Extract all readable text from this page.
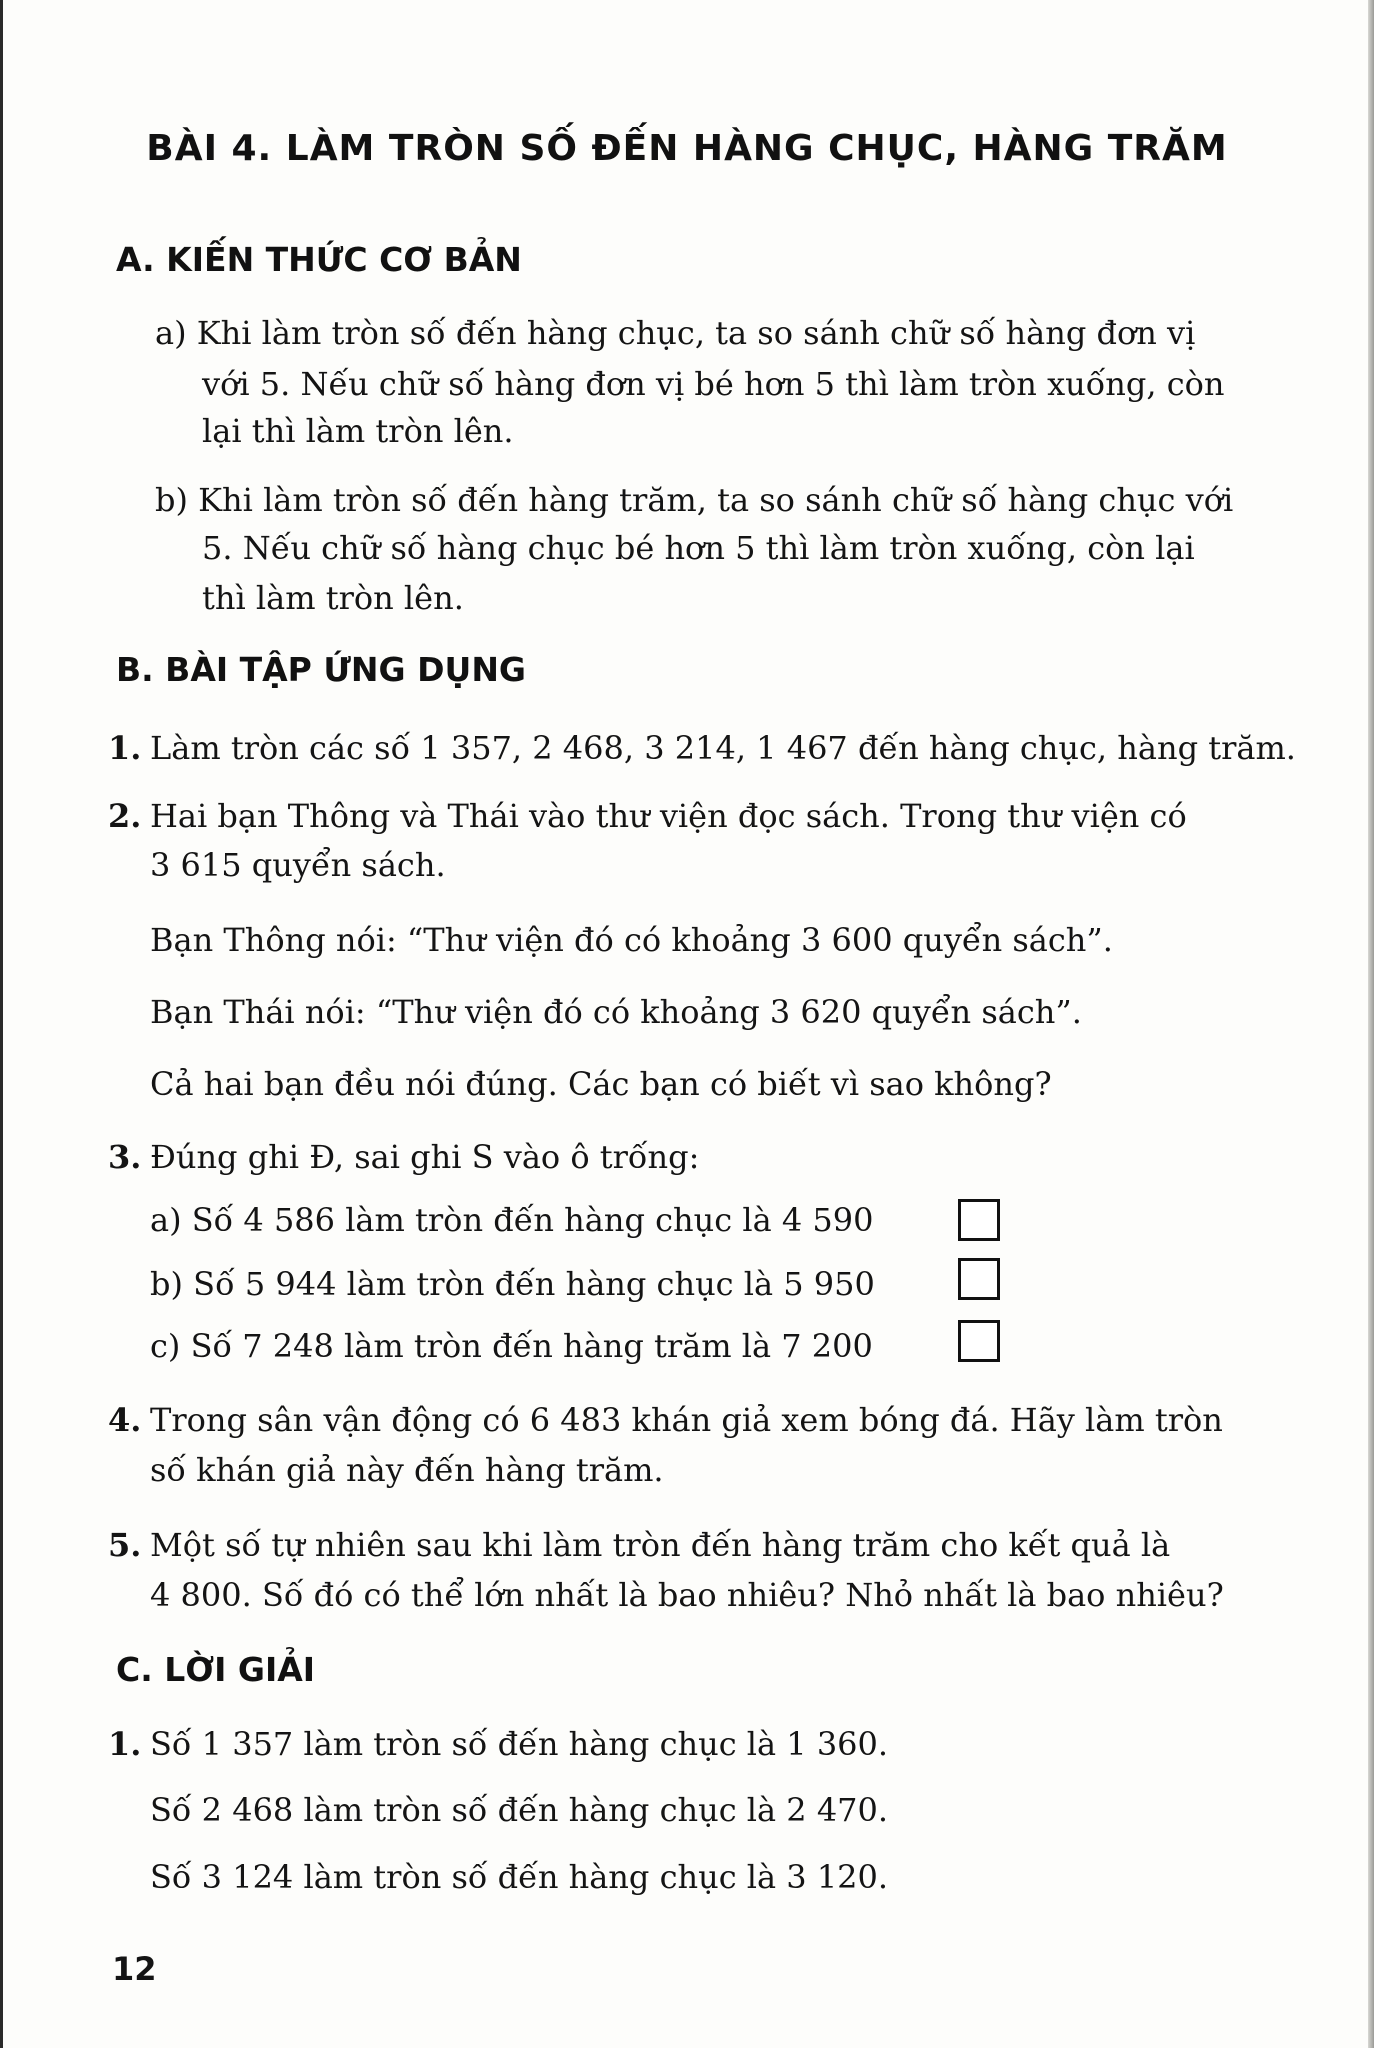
BÀI 4. LÀM TRÒN SỐ ĐẾN HÀNG CHỤC, HÀNG TRĂM
A. KIẾN THỨC CƠ BẢN
a) Khi làm tròn số đến hàng chục, ta so sánh chữ số hàng đơn vị
với 5. Nếu chữ số hàng đơn vị bé hơn 5 thì làm tròn xuống, còn
lại thì làm tròn lên.
b) Khi làm tròn số đến hàng trăm, ta so sánh chữ số hàng chục với
5. Nếu chữ số hàng chục bé hơn 5 thì làm tròn xuống, còn lại
thì làm tròn lên.
B. BÀI TẬP ỨNG DỤNG
1. Làm tròn các số 1 357, 2 468, 3 214, 1 467 đến hàng chục, hàng trăm.
2. Hai bạn Thông và Thái vào thư viện đọc sách. Trong thư viện có
3 615 quyển sách.
Bạn Thông nói: “Thư viện đó có khoảng 3 600 quyển sách”.
Bạn Thái nói: “Thư viện đó có khoảng 3 620 quyển sách”.
Cả hai bạn đều nói đúng. Các bạn có biết vì sao không?
3. Đúng ghi Đ, sai ghi S vào ô trống:
a) Số 4 586 làm tròn đến hàng chục là 4 590
b) Số 5 944 làm tròn đến hàng chục là 5 950
c) Số 7 248 làm tròn đến hàng trăm là 7 200
4. Trong sân vận động có 6 483 khán giả xem bóng đá. Hãy làm tròn
số khán giả này đến hàng trăm.
5. Một số tự nhiên sau khi làm tròn đến hàng trăm cho kết quả là
4 800. Số đó có thể lớn nhất là bao nhiêu? Nhỏ nhất là bao nhiêu?
C. LỜI GIẢI
1. Số 1 357 làm tròn số đến hàng chục là 1 360.
Số 2 468 làm tròn số đến hàng chục là 2 470.
Số 3 124 làm tròn số đến hàng chục là 3 120.
12
